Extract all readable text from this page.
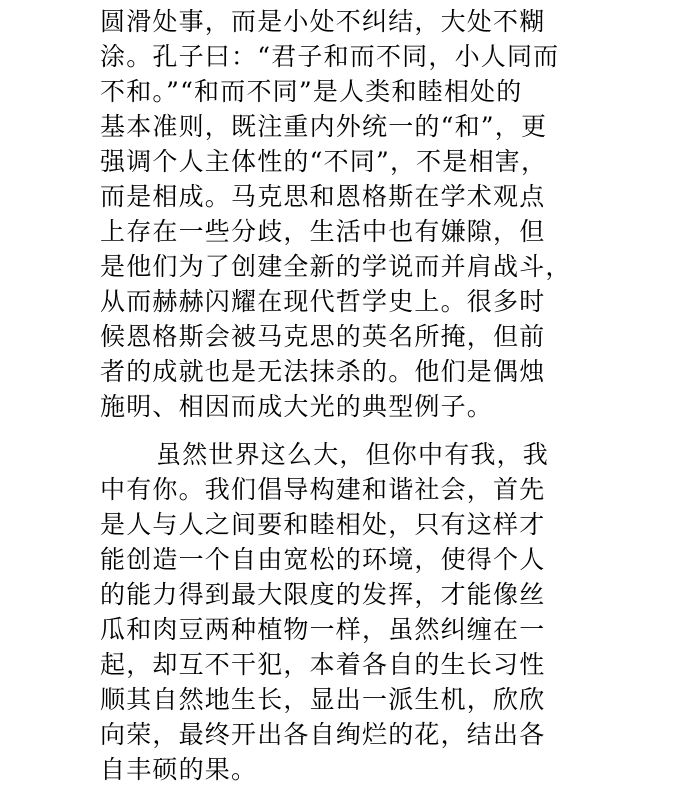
圆滑处事，而是小处不纠结，大处不糊
涂。孔子曰：“君子和而不同，小人同而
不和。”“和而不同”是人类和睦相处的
基本准则，既注重内外统一的“和”，更
强调个人主体性的“不同”，不是相害，
而是相成。马克思和恩格斯在学术观点
上存在一些分歧，生活中也有嫌隙，但
是他们为了创建全新的学说而并肩战斗，
从而赫赫闪耀在现代哲学史上。很多时
候恩格斯会被马克思的英名所掩，但前
者的成就也是无法抹杀的。他们是偶烛
施明、相因而成大光的典型例子。
虽然世界这么大，但你中有我，我
中有你。我们倡导构建和谐社会，首先
是人与人之间要和睦相处，只有这样才
能创造一个自由宽松的环境，使得个人
的能力得到最大限度的发挥，才能像丝
瓜和肉豆两种植物一样，虽然纠缠在一
起，却互不干犯，本着各自的生长习性
顺其自然地生长，显出一派生机，欣欣
向荣，最终开出各自绚烂的花，结出各
自丰硕的果。
